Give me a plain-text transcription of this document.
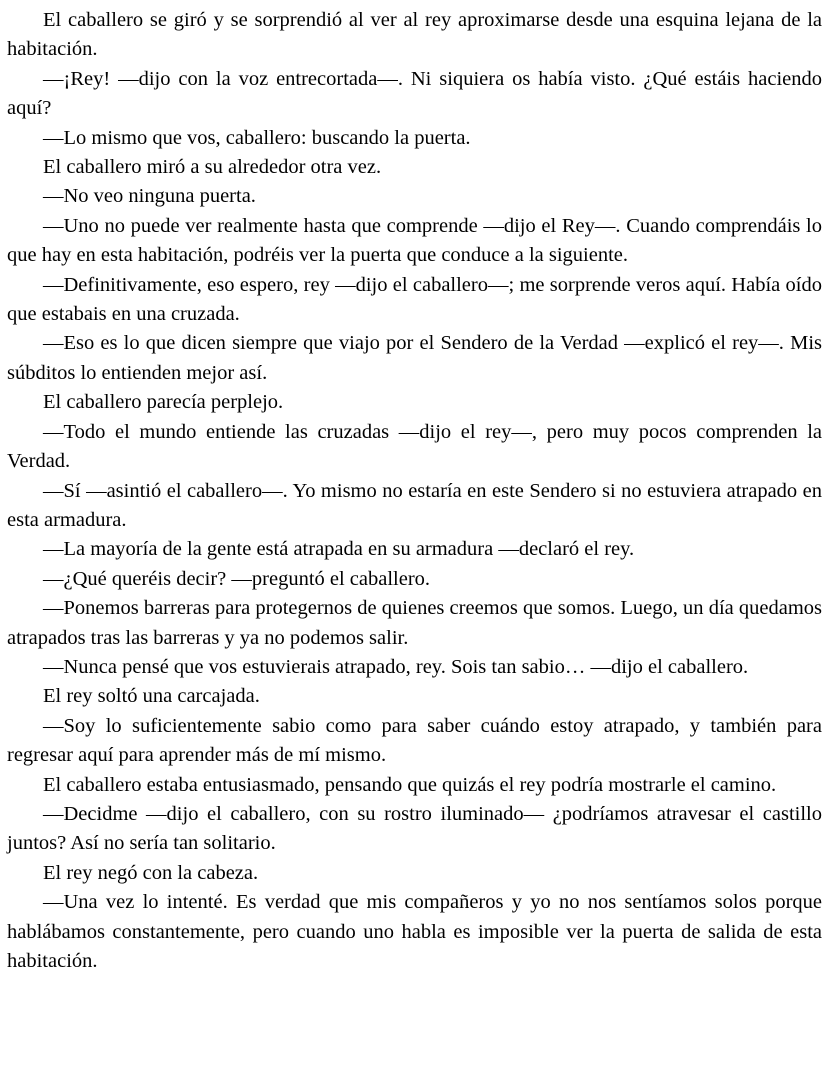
El caballero se giró y se sorprendió al ver al rey aproximarse desde una esquina lejana de la habitación.

—¡Rey! —dijo con la voz entrecortada—. Ni siquiera os había visto. ¿Qué estáis haciendo aquí?

—Lo mismo que vos, caballero: buscando la puerta.

El caballero miró a su alrededor otra vez.

—No veo ninguna puerta.

—Uno no puede ver realmente hasta que comprende —dijo el Rey—. Cuando comprendáis lo que hay en esta habitación, podréis ver la puerta que conduce a la siguiente.

—Definitivamente, eso espero, rey —dijo el caballero—; me sorprende veros aquí. Había oído que estabais en una cruzada.

—Eso es lo que dicen siempre que viajo por el Sendero de la Verdad —explicó el rey—. Mis súbditos lo entienden mejor así.

El caballero parecía perplejo.

—Todo el mundo entiende las cruzadas —dijo el rey—, pero muy pocos comprenden la Verdad.

—Sí —asintió el caballero—. Yo mismo no estaría en este Sendero si no estuviera atrapado en esta armadura.

—La mayoría de la gente está atrapada en su armadura —declaró el rey.

—¿Qué queréis decir? —preguntó el caballero.

—Ponemos barreras para protegernos de quienes creemos que somos. Luego, un día quedamos atrapados tras las barreras y ya no podemos salir.

—Nunca pensé que vos estuvierais atrapado, rey. Sois tan sabio… —dijo el caballero.

El rey soltó una carcajada.

—Soy lo suficientemente sabio como para saber cuándo estoy atrapado, y también para regresar aquí para aprender más de mí mismo.

El caballero estaba entusiasmado, pensando que quizás el rey podría mostrarle el camino.

—Decidme —dijo el caballero, con su rostro iluminado— ¿podríamos atravesar el castillo juntos? Así no sería tan solitario.

El rey negó con la cabeza.

—Una vez lo intenté. Es verdad que mis compañeros y yo no nos sentíamos solos porque hablábamos constantemente, pero cuando uno habla es imposible ver la puerta de salida de esta habitación.
